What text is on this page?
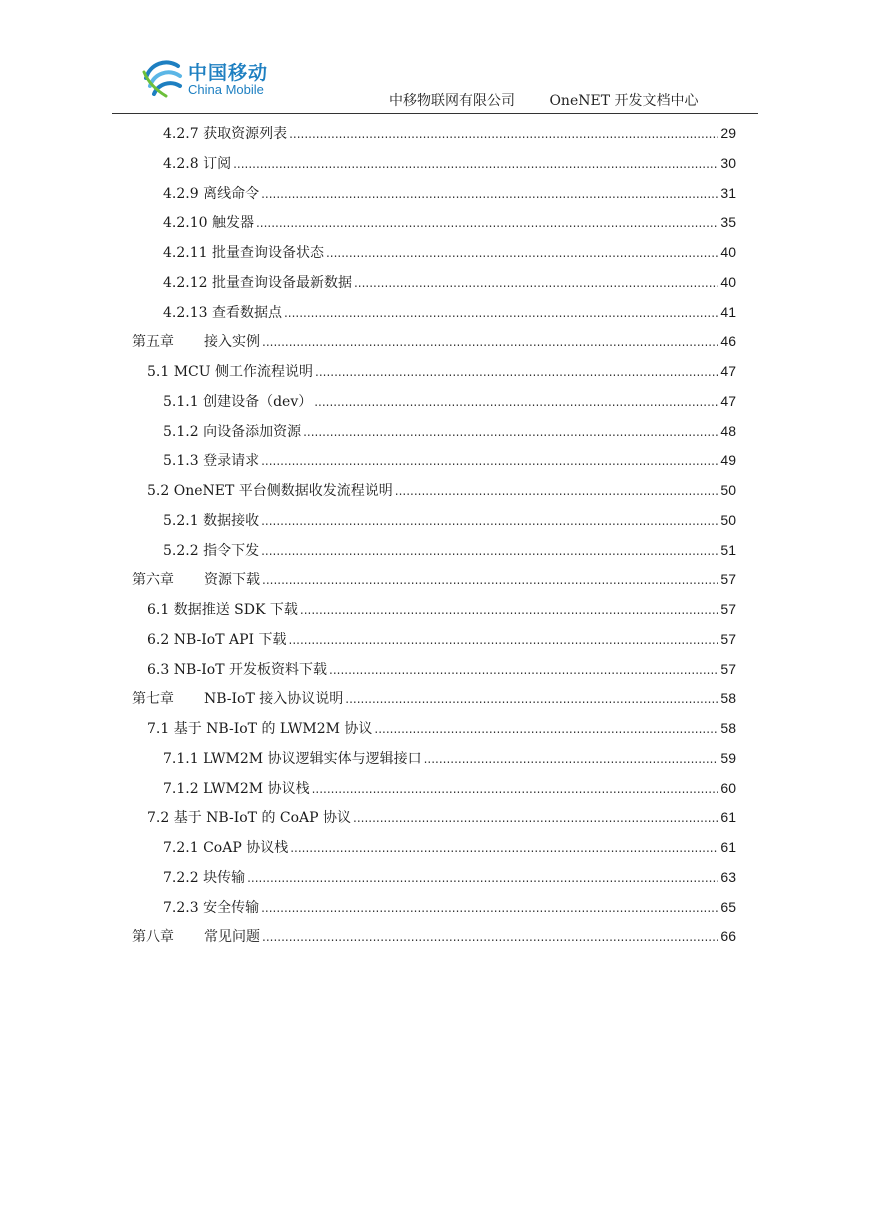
中国移动
China Mobile
中移物联网有限公司 OneNET 开发文档中心
4.2.7 获取资源列表 .....	29
4.2.8 订阅 .....	30
4.2.9 离线命令 .....	31
4.2.10 触发器 .....	35
4.2.11 批量查询设备状态 .....	40
4.2.12 批量查询设备最新数据 .....	40
4.2.13 查看数据点 .....	41
第五章 接入实例 .....	46
5.1 MCU 侧工作流程说明 .....	47
5.1.1 创建设备（dev） .....	47
5.1.2 向设备添加资源 .....	48
5.1.3 登录请求 .....	49
5.2 OneNET 平台侧数据收发流程说明 .....	50
5.2.1 数据接收 .....	50
5.2.2 指令下发 .....	51
第六章 资源下载 .....	57
6.1 数据推送 SDK 下载 .....	57
6.2 NB-IoT API 下载 .....	57
6.3 NB-IoT 开发板资料下载 .....	57
第七章 NB-IoT 接入协议说明 .....	58
7.1 基于 NB-IoT 的 LWM2M 协议 .....	58
7.1.1 LWM2M 协议逻辑实体与逻辑接口 .....	59
7.1.2 LWM2M 协议栈 .....	60
7.2 基于 NB-IoT 的 CoAP 协议 .....	61
7.2.1 CoAP 协议栈 .....	61
7.2.2 块传输 .....	63
7.2.3 安全传输 .....	65
第八章 常见问题 .....	66
